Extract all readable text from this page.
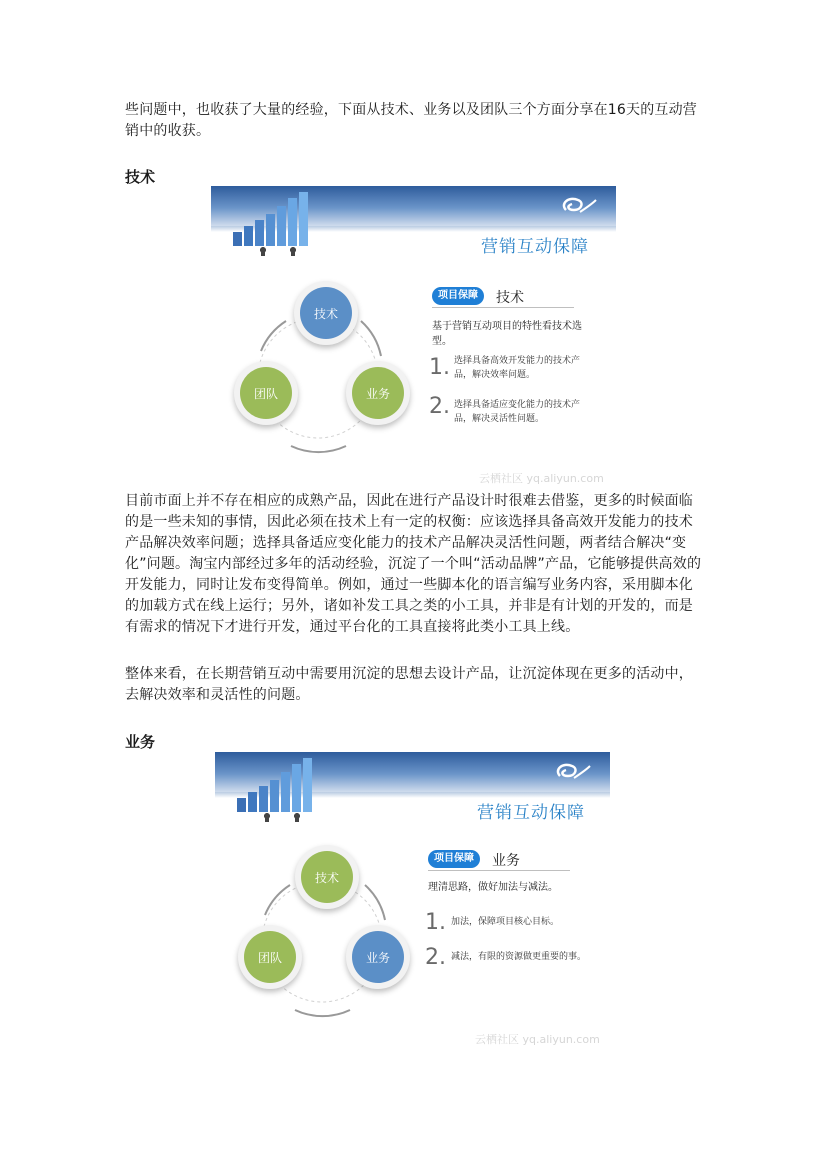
些问题中，也收获了大量的经验，下面从技术、业务以及团队三个方面分享在16天的互动营销中的收获。

技术
营销互动保障
技术
团队	业务
项目保障	技术
基于营销互动项目的特性看技术选型。
1. 选择具备高效开发能力的技术产品，解决效率问题。
2. 选择具备适应变化能力的技术产品，解决灵活性问题。
云栖社区 yq.aliyun.com

目前市面上并不存在相应的成熟产品，因此在进行产品设计时很难去借鉴，更多的时候面临的是一些未知的事情，因此必须在技术上有一定的权衡：应该选择具备高效开发能力的技术产品解决效率问题；选择具备适应变化能力的技术产品解决灵活性问题，两者结合解决“变化”问题。淘宝内部经过多年的活动经验，沉淀了一个叫“活动品牌”产品，它能够提供高效的开发能力，同时让发布变得简单。例如，通过一些脚本化的语言编写业务内容，采用脚本化的加载方式在线上运行；另外，诸如补发工具之类的小工具，并非是有计划的开发的，而是有需求的情况下才进行开发，通过平台化的工具直接将此类小工具上线。

整体来看，在长期营销互动中需要用沉淀的思想去设计产品，让沉淀体现在更多的活动中，去解决效率和灵活性的问题。

业务
营销互动保障
技术
团队	业务
项目保障	业务
理清思路，做好加法与减法。
1. 加法，保障项目核心目标。
2. 减法，有限的资源做更重要的事。
云栖社区 yq.aliyun.com
